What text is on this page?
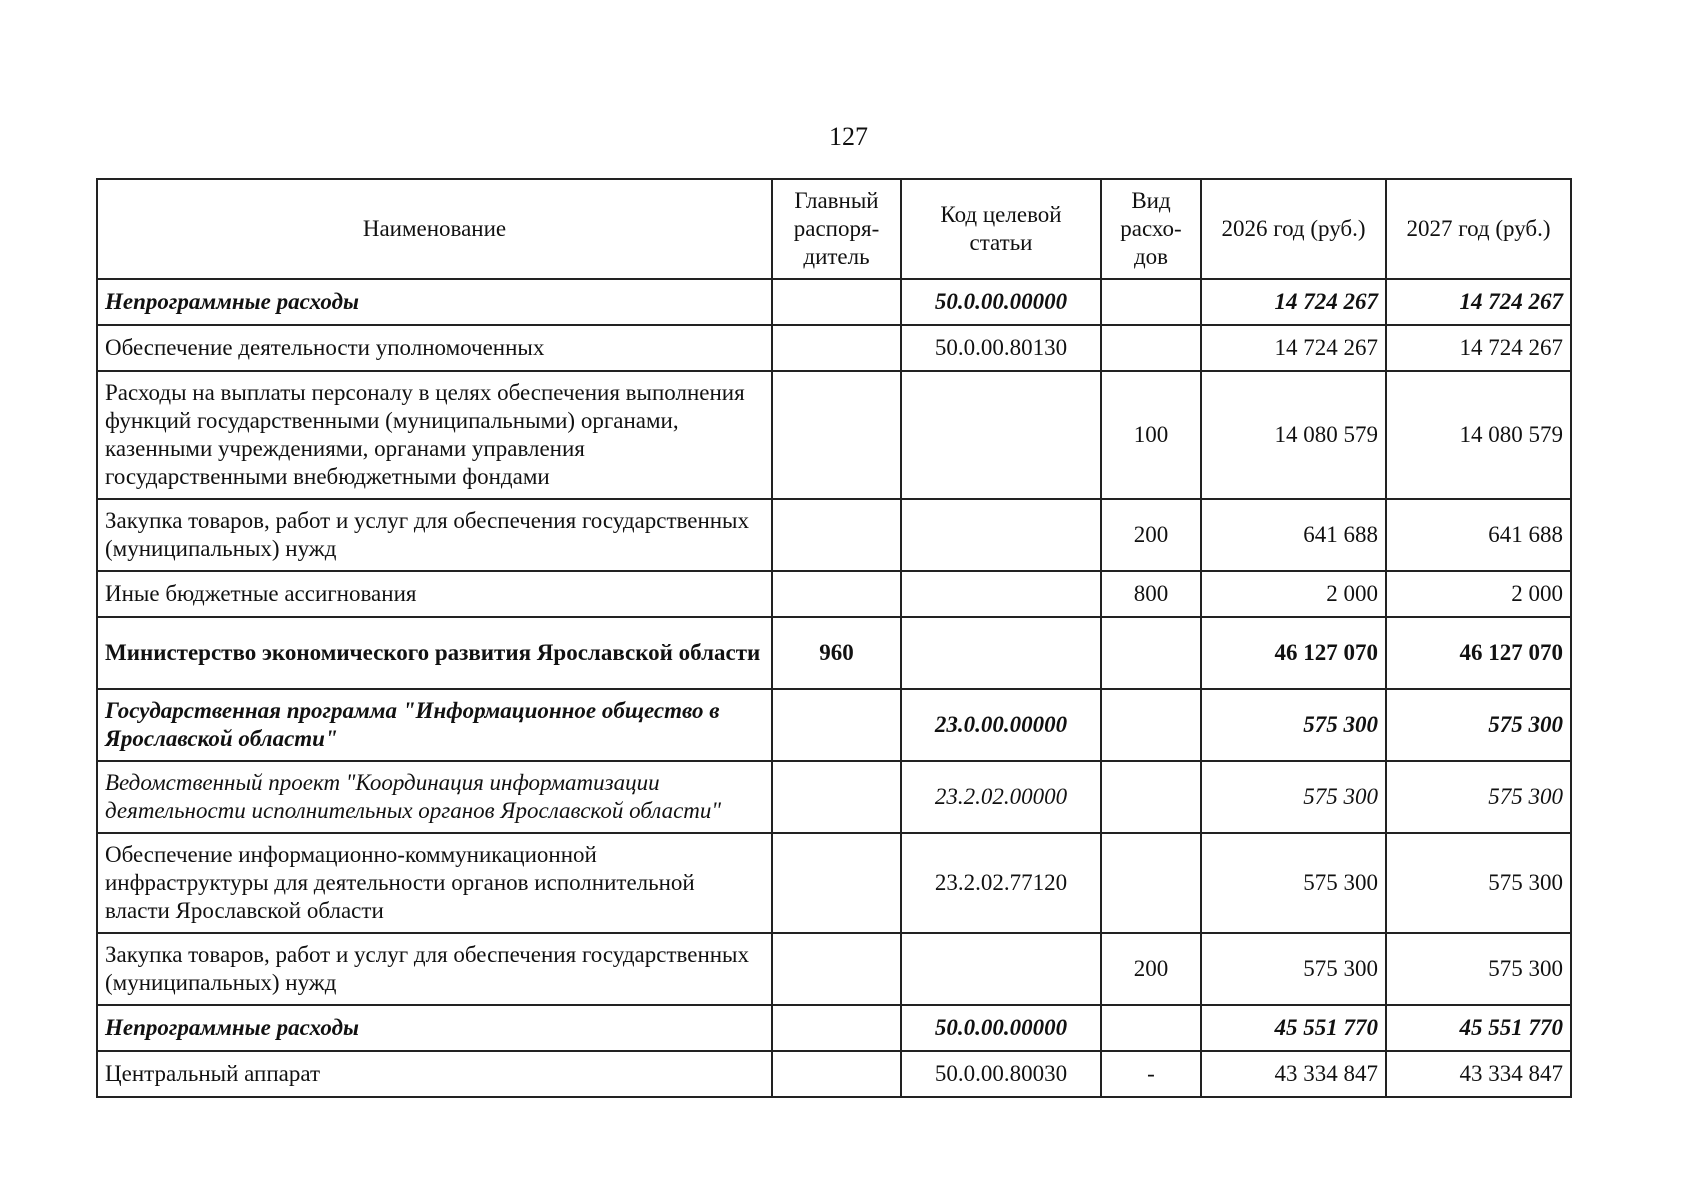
127
Наименование	Главный распоря-дитель	Код целевой статьи	Вид расхо-дов	2026 год (руб.)	2027 год (руб.)
Непрограммные расходы		50.0.00.00000		14 724 267	14 724 267
Обеспечение деятельности уполномоченных		50.0.00.80130		14 724 267	14 724 267
Расходы на выплаты персоналу в целях обеспечения выполнения функций государственными (муниципальными) органами, казенными учреждениями, органами управления государственными внебюджетными фондами			100	14 080 579	14 080 579
Закупка товаров, работ и услуг для обеспечения государственных (муниципальных) нужд			200	641 688	641 688
Иные бюджетные ассигнования			800	2 000	2 000
Министерство экономического развития Ярославской области	960			46 127 070	46 127 070
Государственная программа "Информационное общество в Ярославской области"		23.0.00.00000		575 300	575 300
Ведомственный проект "Координация информатизации деятельности исполнительных органов Ярославской области"		23.2.02.00000		575 300	575 300
Обеспечение информационно-коммуникационной инфраструктуры для деятельности органов исполнительной власти Ярославской области		23.2.02.77120		575 300	575 300
Закупка товаров, работ и услуг для обеспечения государственных (муниципальных) нужд			200	575 300	575 300
Непрограммные расходы		50.0.00.00000		45 551 770	45 551 770
Центральный аппарат		50.0.00.80030	-	43 334 847	43 334 847
